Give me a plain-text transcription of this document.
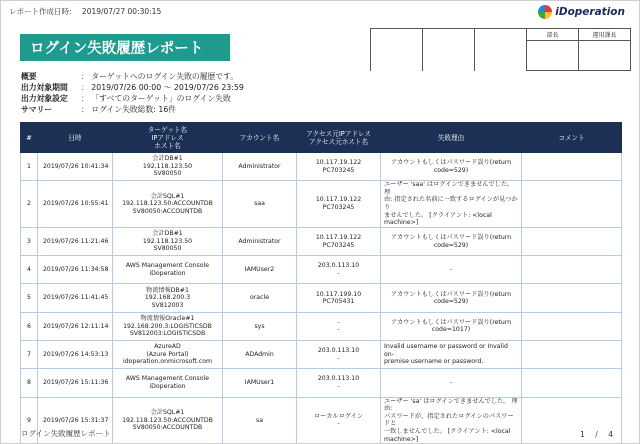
レポート作成日時: 2019/07/27 00:30:15	iDoperation
ログイン失敗履歴レポート
			部長	運用課長

概要	： ターゲットへのログイン失敗の履歴です。
出力対象期間	： 2019/07/26 00:00 ～ 2019/07/26 23:59
出力対象設定	： 「すべてのターゲット」のログイン失敗
サマリー	： ログイン失敗総数: 16件
#	日時	ターゲット名
IPアドレス
ホスト名	アカウント名	アクセス元IPアドレス
アクセス元ホスト名	失敗理由	コメント
1	2019/07/26 10:41:34	会計DB#1
192.118.123.50
SV80050	Administrator	10.117.19.122
PC703245	アカウントもしくはパスワード誤り(return
code=529)	
2	2019/07/26 10:55:41	会計SQL#1
192.118.123.50:ACCOUNTDB
SV80050:ACCOUNTDB	saa	10.117.19.122
PC703245	ユーザー 'saa' はログインできませんでした。 理
由: 指定された名前に一致するログインが見つかり
ませんでした。 [クライアント: <local machine>]	
3	2019/07/26 11:21:46	会計DB#1
192.118.123.50
SV80050	Administrator	10.117.19.122
PC703245	アカウントもしくはパスワード誤り(return
code=529)	
4	2019/07/26 11:34:58	AWS Management Console
iDoperation	IAMUser2	203.0.113.10
-	-	
5	2019/07/26 11:41:45	物流情報DB#1
192.168.200.3
SV812003	oracle	10.117.199.10
PC705431	アカウントもしくはパスワード誤り(return
code=529)	
6	2019/07/26 12:11:14	物流情報Oracle#1
192.168.200.3:LOGISTICSDB
SV812003:LOGISTICSDB	sys	-
-	アカウントもしくはパスワード誤り(return
code=1017)	
7	2019/07/26 14:53:13	AzureAD
(Azure Portal)
idoperation.onmicrosoft.com	ADAdmin	203.0.113.10
-	Invalid username or password or Invalid on-
premise username or password.	
8	2019/07/26 15:11:36	AWS Management Console
iDoperation	IAMUser1	203.0.113.10
-	-	
9	2019/07/26 15:31:37	会計SQL#1
192.118.123.50:ACCOUNTDB
SV80050:ACCOUNTDB	sa	ローカルログイン
-	ユーザー 'sa' はログインできませんでした。 理由:
パスワードが、指定されたログインのパスワードと
一致しませんでした。 [クライアント: <local
machine>]	
ログイン失敗履歴レポート	1 / 4
